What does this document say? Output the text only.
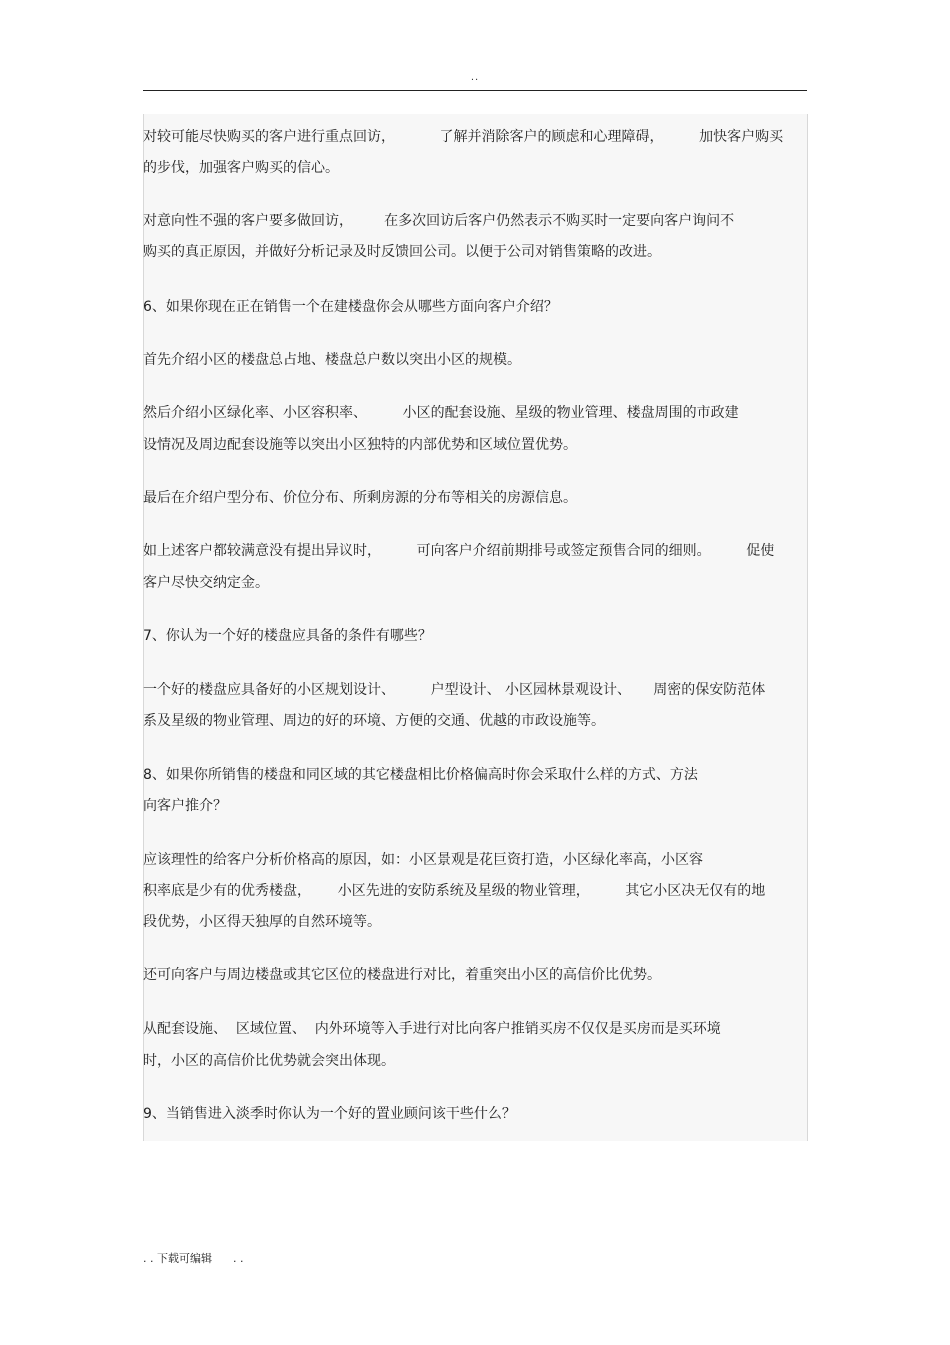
..
对较可能尽快购买的客户进行重点回访，          了解并消除客户的顾虑和心理障碍，        加快客户购买
的步伐，加强客户购买的信心。
对意向性不强的客户要多做回访，       在多次回访后客户仍然表示不购买时一定要向客户询问不
购买的真正原因，并做好分析记录及时反馈回公司。以便于公司对销售策略的改进。
6、如果你现在正在销售一个在建楼盘你会从哪些方面向客户介绍？
首先介绍小区的楼盘总占地、楼盘总户数以突出小区的规模。
然后介绍小区绿化率、小区容积率、        小区的配套设施、星级的物业管理、楼盘周围的市政建
设情况及周边配套设施等以突出小区独特的内部优势和区域位置优势。
最后在介绍户型分布、价位分布、所剩房源的分布等相关的房源信息。
如上述客户都较满意没有提出异议时，        可向客户介绍前期排号或签定预售合同的细则。        促使
客户尽快交纳定金。
7、你认为一个好的楼盘应具备的条件有哪些？
一个好的楼盘应具备好的小区规划设计、        户型设计、 小区园林景观设计、     周密的保安防范体
系及星级的物业管理、周边的好的环境、方便的交通、优越的市政设施等。
8、如果你所销售的楼盘和同区域的其它楼盘相比价格偏高时你会采取什么样的方式、方法
向客户推介？
应该理性的给客户分析价格高的原因，如：小区景观是花巨资打造，小区绿化率高，小区容
积率底是少有的优秀楼盘，      小区先进的安防系统及星级的物业管理，        其它小区决无仅有的地
段优势，小区得天独厚的自然环境等。
还可向客户与周边楼盘或其它区位的楼盘进行对比，着重突出小区的高信价比优势。
从配套设施、  区域位置、  内外环境等入手进行对比向客户推销买房不仅仅是买房而是买环境
时，小区的高信价比优势就会突出体现。
9、当销售进入淡季时你认为一个好的置业顾问该干些什么？
. . 下载可编辑      . .
